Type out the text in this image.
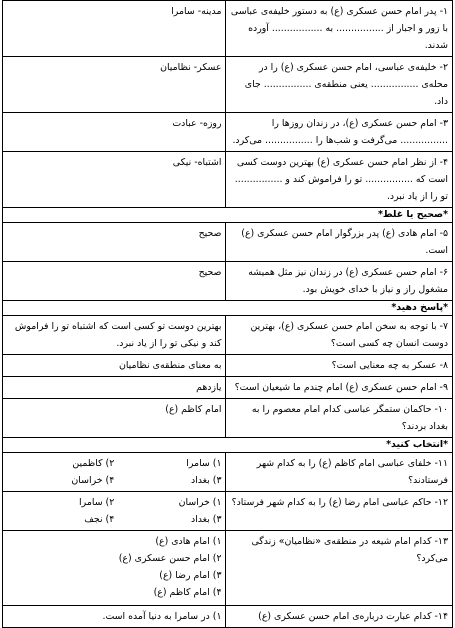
۱- پدر امام حسن عسکری (ع) به دستور خلیفه‌ی عباسی با زور و اجبار از ................ به ................. آورده شدند.	مدینه- سامرا
۲- خلیفه‌ی عباسی، امام حسن عسکری (ع) را در محله‌ی ................ یعنی منطقه‌ی ................ جای داد.	عسکر- نظامیان
۳- امام حسن عسکری (ع)، در زندان روزها را ................ می‌گرفت و شب‌ها را ................ می‌کرد.	روزه- عبادت
۴- از نظر امام حسن عسکری (ع) بهترین دوست کسی است که ................ تو را فراموش کند و ................ تو را از یاد نبرد.	اشتباه- نیکی
*صحیح یا غلط*	
۵- امام هادی (ع) پدر بزرگوار امام حسن عسکری (ع) است.	صحیح
۶- امام حسن عسکری (ع) در زندان نیز مثل همیشه مشغول راز و نیاز با خدای خویش بود.	صحیح
*پاسخ دهید*	
۷- با توجه به سخن امام حسن عسکری (ع)، بهترین دوست انسان چه کسی است؟	بهترین دوست تو کسی است که اشتباه تو را فراموش کند و نیکی تو را از یاد نبرد.
۸- عسکر به چه معنایی است؟	به معنای منطقه‌ی نظامیان
۹- امام حسن عسکری (ع) امام چندم ما شیعیان است؟	یازدهم
۱۰- حاکمان ستمگر عباسی کدام امام معصوم را به بغداد بردند؟	امام کاظم (ع)
*انتخاب کنید*	
۱۱- خلفای عباسی امام کاظم (ع) را به کدام شهر فرستادند؟	۱) سامرا
۲) کاظمین
۳) بغداد
۴) خراسان

۱۲- حاکم عباسی امام رضا (ع) را به کدام شهر فرستاد؟	۱) خراسان
۲) سامرا
۳) بغداد
۴) نجف

۱۳- کدام امام شیعه در منطقه‌ی «نظامیان» زندگی می‌کرد؟	۱) امام هادی (ع)
۲) امام حسن عسکری (ع)
۳) امام رضا (ع)
۴) امام کاظم (ع)

۱۴- کدام عبارت درباره‌ی امام حسن عسکری (ع)	۱) در سامرا به دنیا آمده است.
